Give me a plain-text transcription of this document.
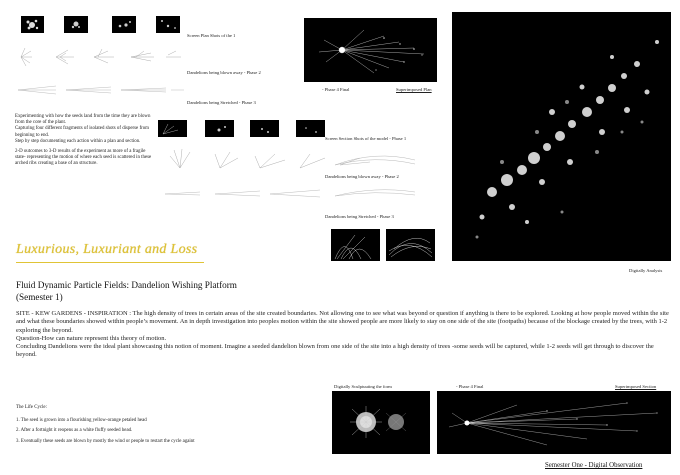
Screen Plan Shots of the 1
Dandelions being blown away - Phase 2
Dandelions being Stretched - Phase 3
- Phase 4 Final	Superimposed Plan
Experimenting with how the seeds land from the time they are blown from the core of the plant.
Capturing four different fragments of isolated shots of disperse from beginning to end.
Step by step documenting each action within a plan and section.
2-D outcomes to 3-D results of the experiment as more of a fragile state- representing the motion of where each seed is scattered in these arched ribs creating a base of an structure.
Screen Section Shots of the model - Phase 1
Dandelions being blown away - Phase 2
Dandelions being Stretched - Phase 3
Digitally Analysis
Luxurious, Luxuriant and Loss
Fluid Dynamic Particle Fields: Dandelion Wishing Platform
(Semester 1)
SITE - KEW GARDENS - INSPIRATION : The high density of trees in certain areas of the site created boundaries. Not allowing one to see what was beyond or question if anything is there to be explored. Looking at how people moved within the site and what these boundaries showed within people’s movement. An in depth investigation into peoples motion within the site showed people are more likely to stay on one side of the site (footpaths) because of the blockage created by the trees, with 1-2 exploring the beyond.
Question-How can nature represent this theory of motion.
Concluding Dandelions were the ideal plant showcasing this notion of moment. Imagine a seeded dandelion blown from one side of the site into a high density of trees -some seeds will be captured, while 1-2 seeds will get through to discover the beyond.
Digitally Sculptuuting the form	- Phase 4 Final	Superimposed Section
The Life Cycle:
1. The seed is grown into a flourishing yellow-orange petaled head
2. After a fortnight it reopens as a white fluffy seeded head.
3. Eventually these seeds are blown by mostly the wind or people to restart the cycle againt
Semester One - Digital Observation
